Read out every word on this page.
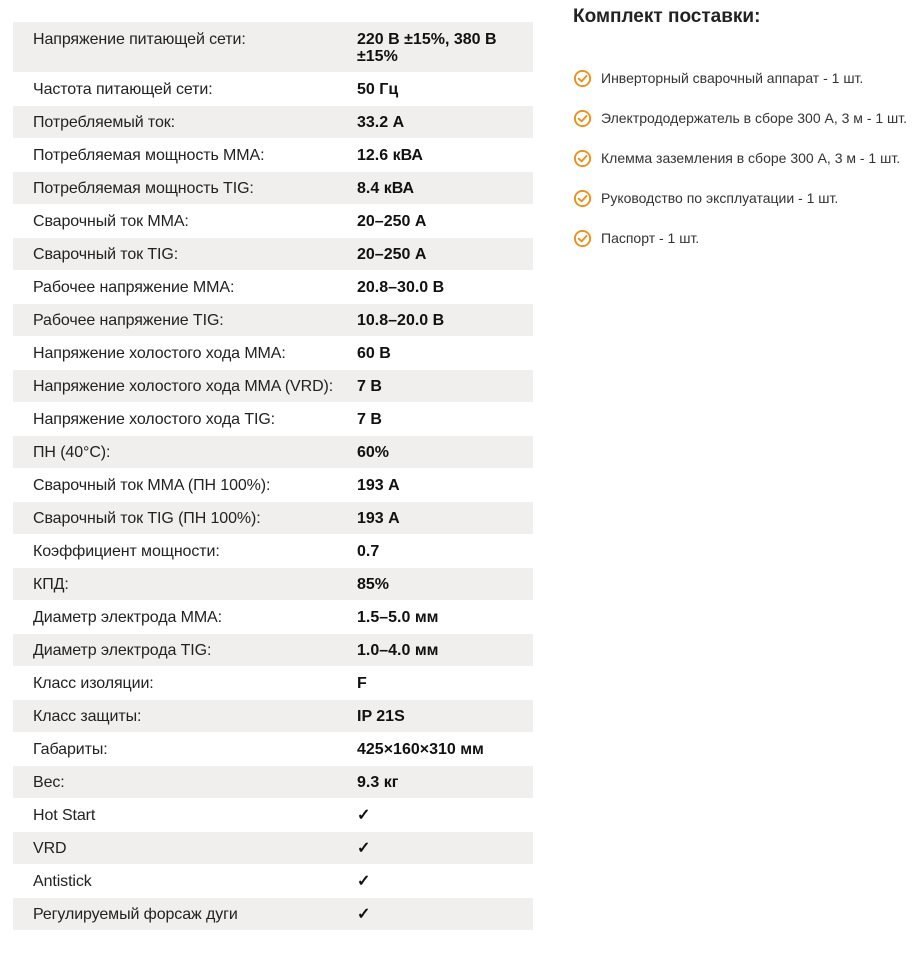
Напряжение питающей сети:	220 В ±15%, 380 В ±15%
Частота питающей сети:	50 Гц
Потребляемый ток:	33.2 А
Потребляемая мощность MMA:	12.6 кВА
Потребляемая мощность TIG:	8.4 кВА
Сварочный ток MMA:	20–250 А
Сварочный ток TIG:	20–250 А
Рабочее напряжение MMA:	20.8–30.0 В
Рабочее напряжение TIG:	10.8–20.0 В
Напряжение холостого хода MMA:	60 В
Напряжение холостого хода MMA (VRD):	7 В
Напряжение холостого хода TIG:	7 В
ПН (40°С):	60%
Сварочный ток MMA (ПН 100%):	193 А
Сварочный ток TIG (ПН 100%):	193 А
Коэффициент мощности:	0.7
КПД:	85%
Диаметр электрода MMA:	1.5–5.0 мм
Диаметр электрода TIG:	1.0–4.0 мм
Класс изоляции:	F
Класс защиты:	IP 21S
Габариты:	425×160×310 мм
Вес:	9.3 кг
Hot Start	✓
VRD	✓
Antistick	✓
Регулируемый форсаж дуги	✓
Комплект поставки:
Инверторный сварочный аппарат - 1 шт.
Электрододержатель в сборе 300 А, 3 м - 1 шт.
Клемма заземления в сборе 300 А, 3 м - 1 шт.
Руководство по эксплуатации - 1 шт.
Паспорт - 1 шт.
